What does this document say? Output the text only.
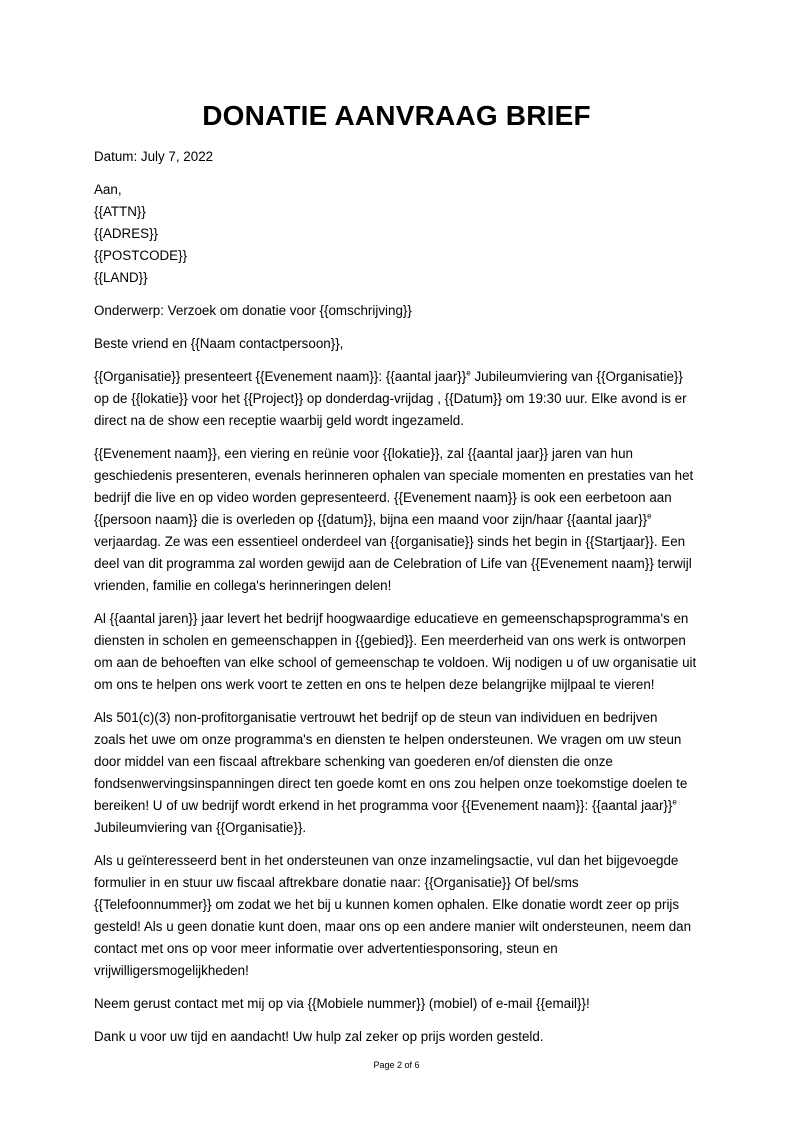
DONATIE AANVRAAG BRIEF
Datum: July 7, 2022
Aan,
{{ATTN}}
{{ADRES}}
{{POSTCODE}}
{{LAND}}
Onderwerp: Verzoek om donatie voor {{omschrijving}}
Beste vriend en {{Naam contactpersoon}},
{{Organisatie}} presenteert {{Evenement naam}}: {{aantal jaar}}$^e$ Jubileumviering van {{Organisatie}}
op de {{lokatie}} voor het {{Project}} op donderdag-vrijdag , {{Datum}} om 19:30 uur. Elke avond is er
direct na de show een receptie waarbij geld wordt ingezameld.
{{Evenement naam}}, een viering en reünie voor {{lokatie}}, zal {{aantal jaar}} jaren van hun
geschiedenis presenteren, evenals herinneren ophalen van speciale momenten en prestaties van het
bedrijf die live en op video worden gepresenteerd. {{Evenement naam}} is ook een eerbetoon aan
{{persoon naam}} die is overleden op {{datum}}, bijna een maand voor zijn/haar {{aantal jaar}}$^e$
verjaardag. Ze was een essentieel onderdeel van {{organisatie}} sinds het begin in {{Startjaar}}. Een
deel van dit programma zal worden gewijd aan de Celebration of Life van {{Evenement naam}} terwijl
vrienden, familie en collega's herinneringen delen!
Al {{aantal jaren}} jaar levert het bedrijf hoogwaardige educatieve en gemeenschapsprogramma's en
diensten in scholen en gemeenschappen in {{gebied}}. Een meerderheid van ons werk is ontworpen
om aan de behoeften van elke school of gemeenschap te voldoen. Wij nodigen u of uw organisatie uit
om ons te helpen ons werk voort te zetten en ons te helpen deze belangrijke mijlpaal te vieren!
Als 501(c)(3) non-profitorganisatie vertrouwt het bedrijf op de steun van individuen en bedrijven
zoals het uwe om onze programma's en diensten te helpen ondersteunen. We vragen om uw steun
door middel van een fiscaal aftrekbare schenking van goederen en/of diensten die onze
fondsenwervingsinspanningen direct ten goede komt en ons zou helpen onze toekomstige doelen te
bereiken! U of uw bedrijf wordt erkend in het programma voor {{Evenement naam}}: {{aantal jaar}}$^e$
Jubileumviering van {{Organisatie}}.
Als u geïnteresseerd bent in het ondersteunen van onze inzamelingsactie, vul dan het bijgevoegde
formulier in en stuur uw fiscaal aftrekbare donatie naar: {{Organisatie}} Of bel/sms
{{Telefoonnummer}} om zodat we het bij u kunnen komen ophalen. Elke donatie wordt zeer op prijs
gesteld! Als u geen donatie kunt doen, maar ons op een andere manier wilt ondersteunen, neem dan
contact met ons op voor meer informatie over advertentiesponsoring, steun en
vrijwilligersmogelijkheden!
Neem gerust contact met mij op via {{Mobiele nummer}} (mobiel) of e-mail {{email}}!
Dank u voor uw tijd en aandacht! Uw hulp zal zeker op prijs worden gesteld.
Page 2 of 6
